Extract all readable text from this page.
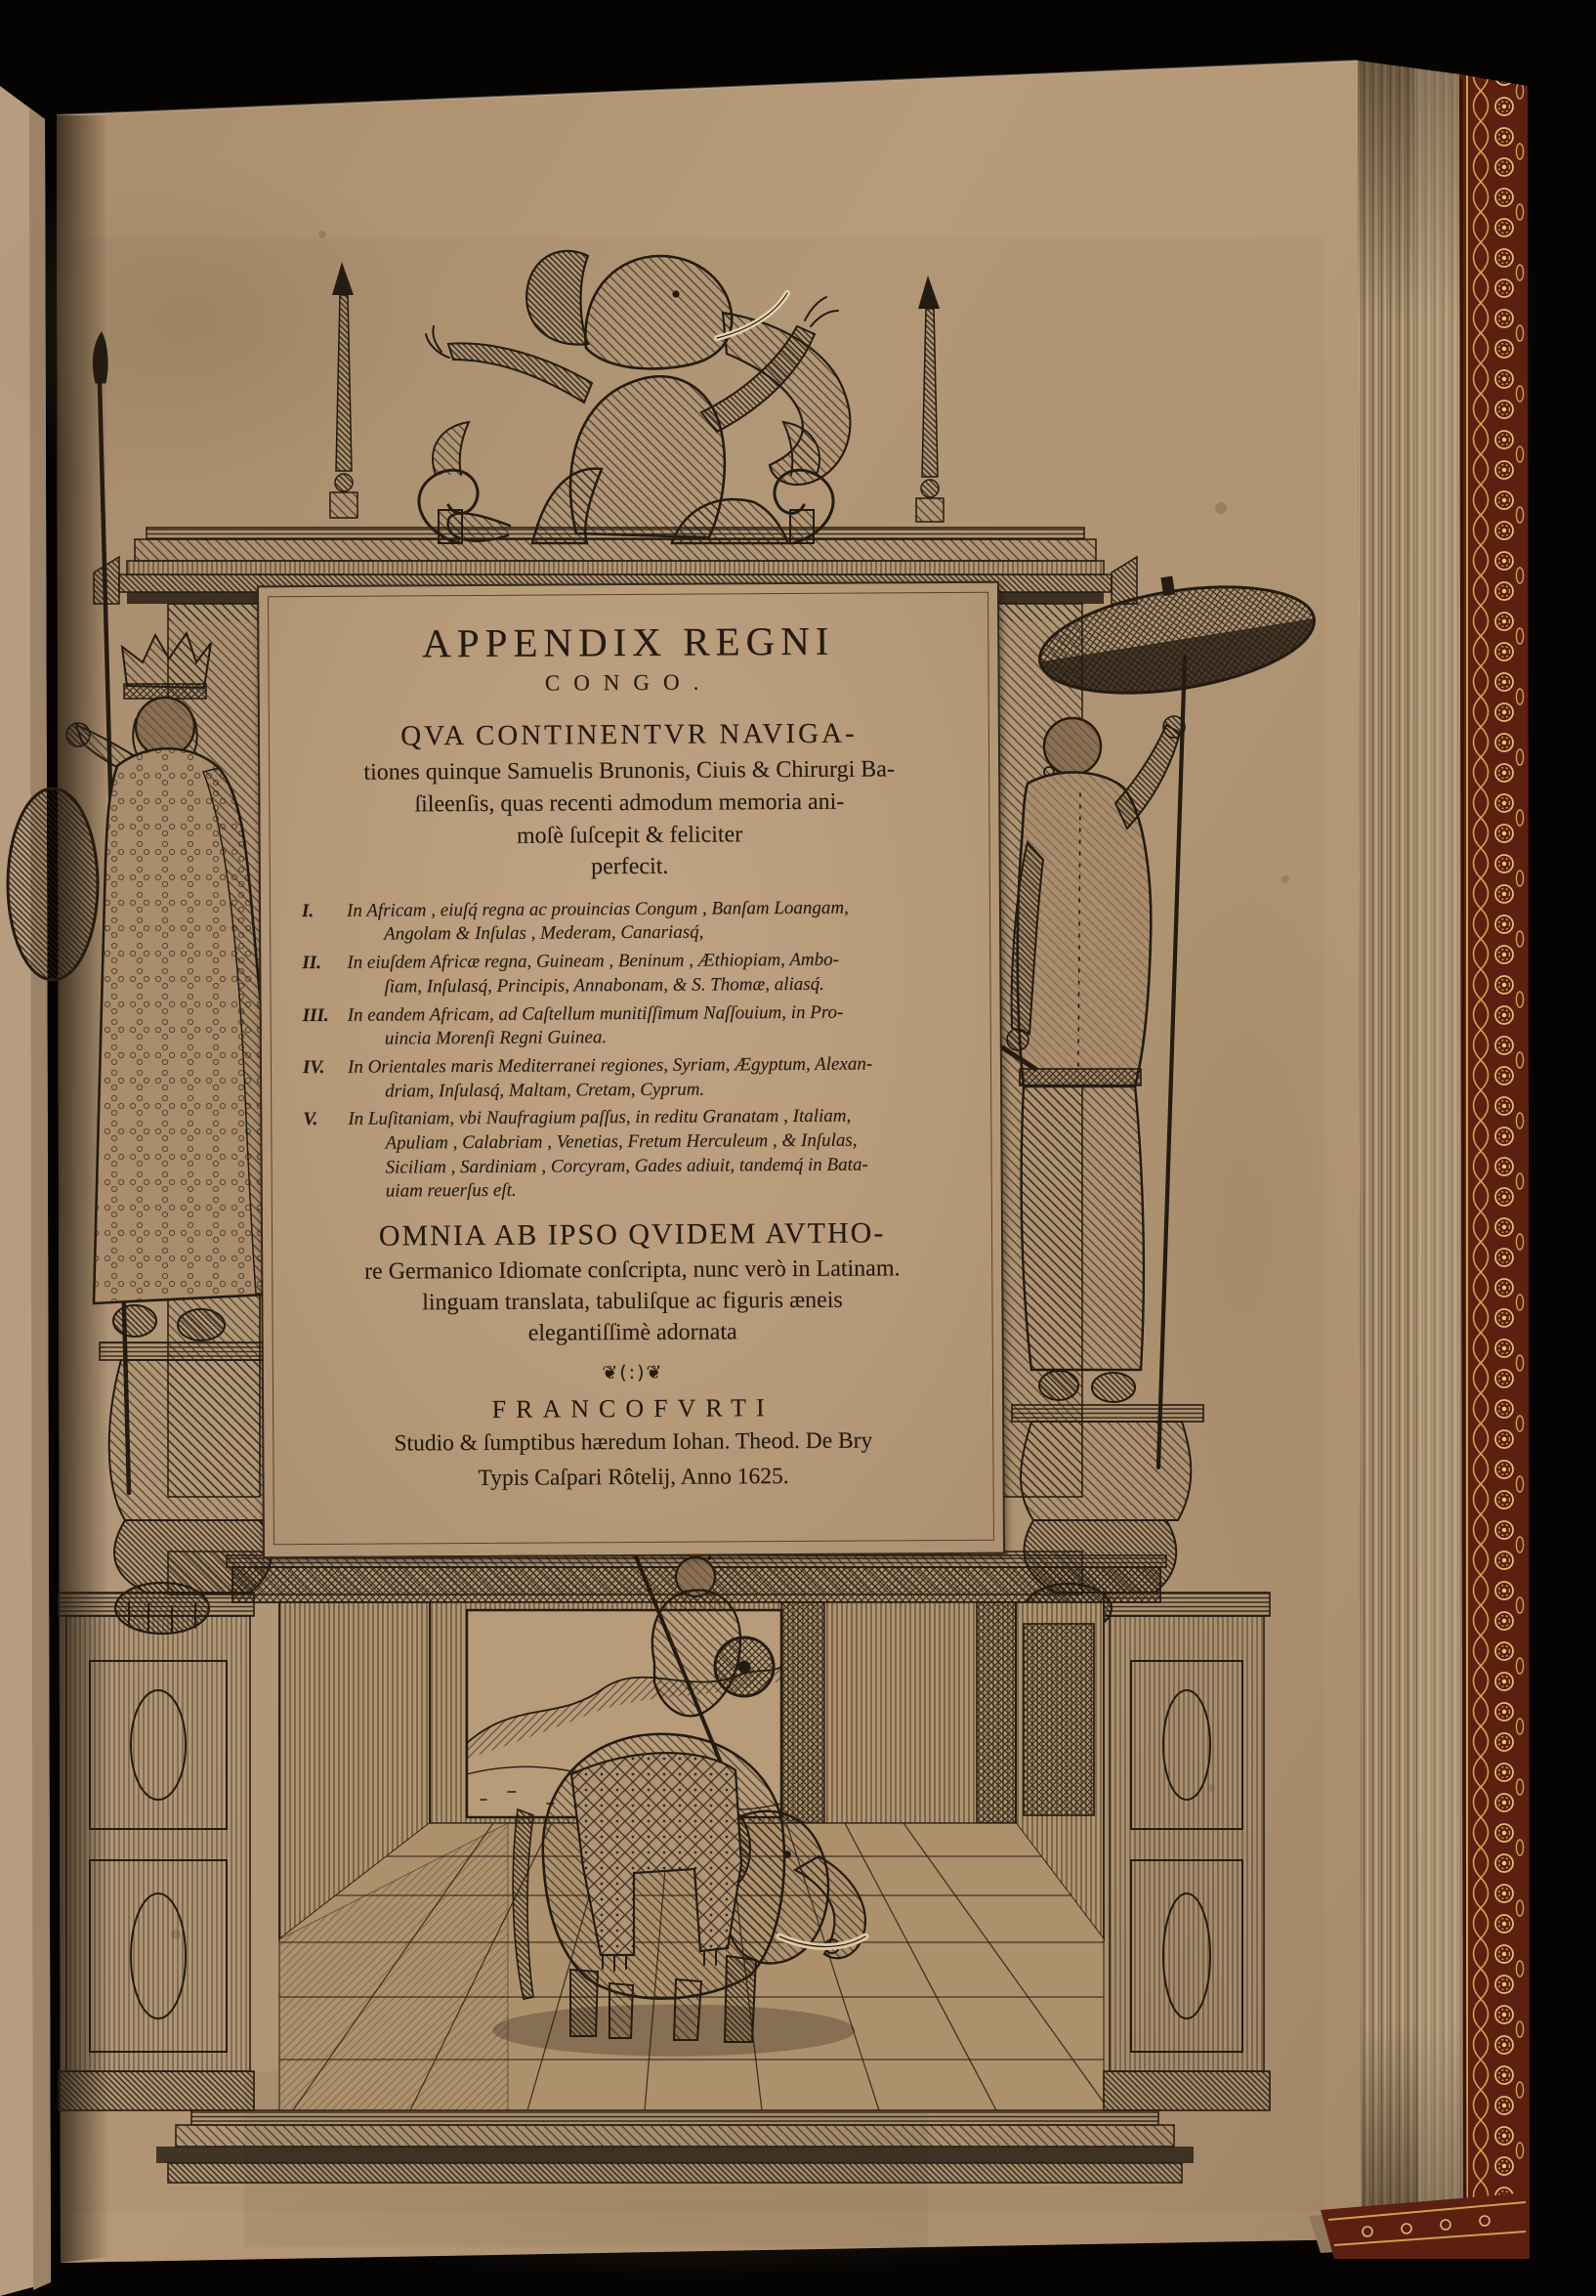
APPENDIX REGNI
CONGO.
QVA CONTINENTVR NAVIGA-
tiones quinque Samuelis Brunonis, Ciuis & Chirurgi Ba-
ſileenſis, quas recenti admodum memoria ani-
moſè ſuſcepit & feliciter
perfecit.
I.	In Africam , eiuſq́ regna ac prouincias Congum , Banſam Loangam,
Angolam & Inſulas , Mederam, Canariasq́,
II.	In eiuſdem Africæ regna, Guineam , Beninum , Æthiopiam, Ambo-
ſiam, Inſulasq́, Principis, Annabonam, & S. Thomæ, aliasq́.
III. In eandem Africam, ad Caſtellum munitiſſimum Naſſouium, in Pro-
uincia Morenſi Regni Guinea.
IV.	In Orientales maris Mediterranei regiones, Syriam, Ægyptum, Alexan-
driam, Inſulasq́, Maltam, Cretam, Cyprum.
V.	In Luſitaniam, vbi Naufragium paſſus, in reditu Granatam , Italiam,
Apuliam , Calabriam , Venetias, Fretum Herculeum , & Inſulas,
Siciliam , Sardiniam , Corcyram, Gades adiuit, tandemq́ in Bata-
uiam reuerſus eſt.
OMNIA AB IPSO QVIDEM AVTHO-
re Germanico Idiomate conſcripta, nunc verò in Latinam.
linguam translata, tabuliſque ac figuris æneis
elegantiſſimè adornata
❦(:)❦
FRANCOFVRTI
Studio & ſumptibus hæredum Iohan. Theod. De Bry
Typis Caſpari Rôtelij, Anno 1625.
